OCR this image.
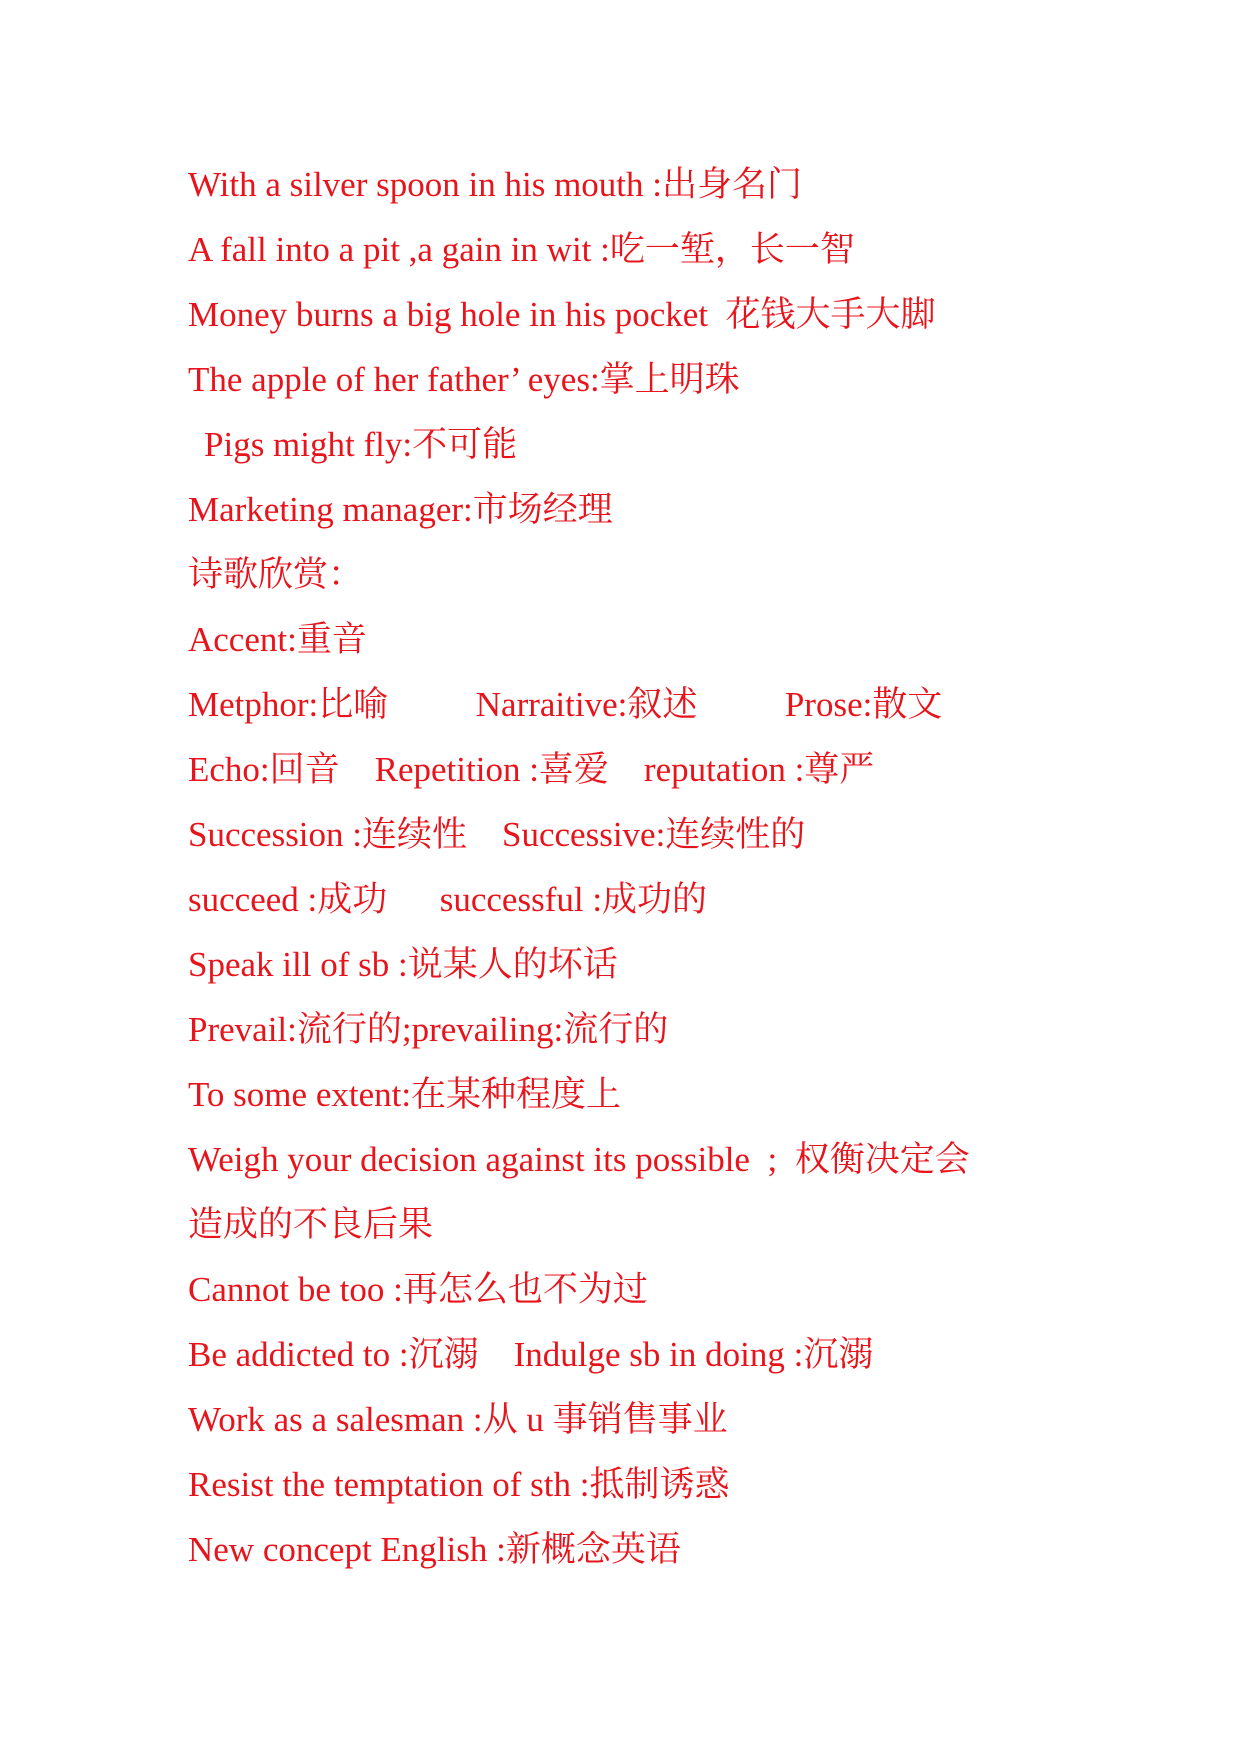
With a silver spoon in his mouth :出身名门
A fall into a pit ,a gain in wit :吃一堑，长一智
Money burns a big hole in his pocket  花钱大手大脚
The apple of her father’ eyes:掌上明珠
Pigs might fly:不可能
Marketing manager:市场经理
诗歌欣赏：
Accent:重音
Metphor:比喻          Narraitive:叙述          Prose:散文
Echo:回音    Repetition :喜爱    reputation :尊严
Succession :连续性    Successive:连续性的
succeed :成功      successful :成功的
Speak ill of sb :说某人的坏话
Prevail:流行的;prevailing:流行的
To some extent:在某种程度上
Weigh your decision against its possible  ;  权衡决定会
造成的不良后果
Cannot be too :再怎么也不为过
Be addicted to :沉溺    Indulge sb in doing :沉溺
Work as a salesman :从 u 事销售事业
Resist the temptation of sth :抵制诱惑
New concept English :新概念英语
